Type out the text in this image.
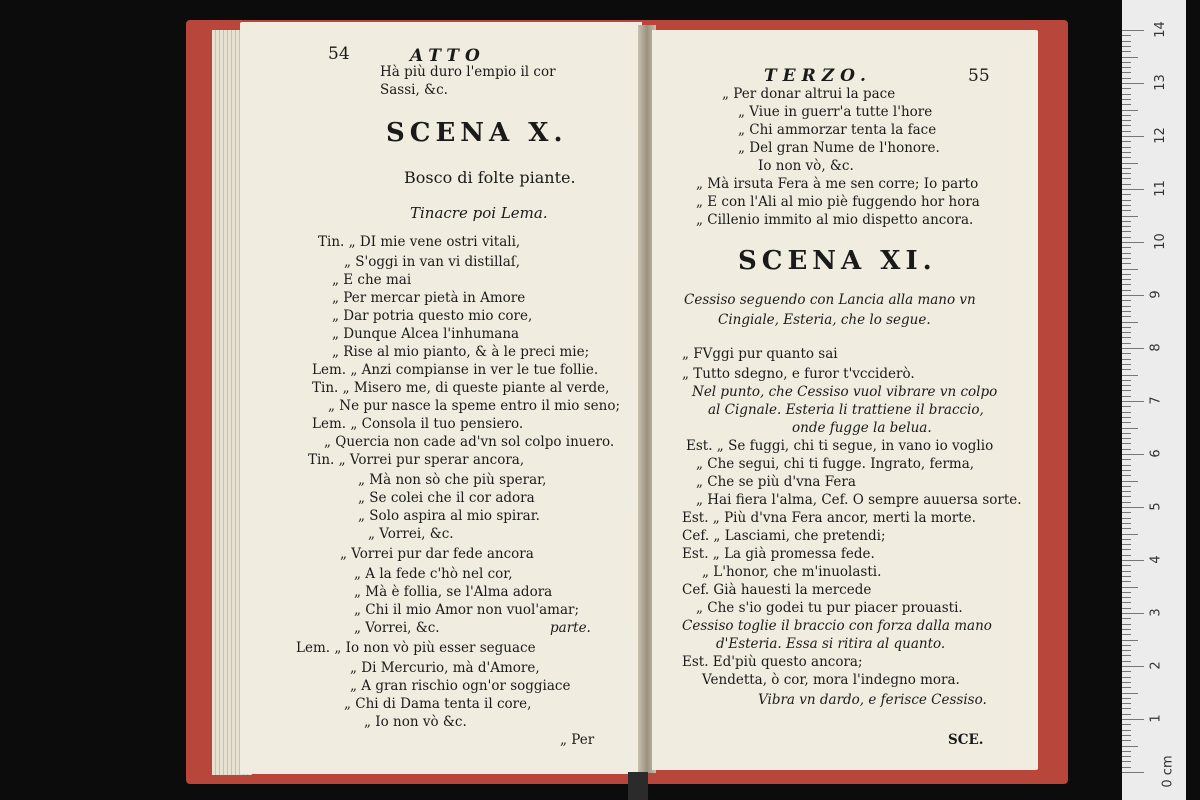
54	ATTO
Hà più duro l'empio il cor
Sassi, &c.
SCENA X.
Bosco di folte piante.
Tinacre poi Lema.
Tin. „ DI mie vene ostri vitali,
„ S'oggi in van vi distillaſ,
„ E che mai
„ Per mercar pietà in Amore
„ Dar potria questo mio core,
„ Dunque Alcea l'inhumana
„ Rise al mio pianto, & à le preci mie;
Lem. „ Anzi compianse in ver le tue follie.
Tin. „ Misero me, di queste piante al verde,
„ Ne pur nasce la speme entro il mio seno;
Lem. „ Consola il tuo pensiero.
„ Quercia non cade ad'vn sol colpo inuero.
Tin. „ Vorrei pur sperar ancora,
„ Mà non sò che più sperar,
„ Se colei che il cor adora
„ Solo aspira al mio spirar.
„ Vorrei, &c.
„ Vorrei pur dar fede ancora
„ A la fede c'hò nel cor,
„ Mà è follia, se l'Alma adora
„ Chi il mio Amor non vuol'amar;
„ Vorrei, &c.	parte.
Lem. „ Io non vò più esser seguace
„ Di Mercurio, mà d'Amore,
„ A gran rischio ogn'or soggiace
„ Chi di Dama tenta il core,
„ Io non vò &c.
„ Per
TERZO.	55
„ Per donar altrui la pace
„ Viue in guerr'a tutte l'hore
„ Chi ammorzar tenta la face
„ Del gran Nume de l'honore.
Io non vò, &c.
„ Mà irsuta Fera à me sen corre; Io parto
„ E con l'Ali al mio piè fuggendo hor hora
„ Cillenio immito al mio dispetto ancora.
SCENA XI.
Cessiso seguendo con Lancia alla mano vn
Cingiale, Esteria, che lo segue.
„ FVggi pur quanto sai
„ Tutto sdegno, e furor t'vcciderò.
Nel punto, che Cessiso vuol vibrare vn colpo
al Cignale. Esteria li trattiene il braccio,
onde fugge la belua.
Est. „ Se fuggi, chi ti segue, in vano io voglio
„ Che segui, chi ti fugge. Ingrato, ferma,
„ Che se più d'vna Fera
„ Hai fiera l'alma, Cef. O sempre auuersa sorte.
Est. „ Più d'vna Fera ancor, merti la morte.
Cef. „ Lasciami, che pretendi;
Est. „ La già promessa fede.
„ L'honor, che m'inuolasti.
Cef. Già hauesti la mercede
„ Che s'io godei tu pur piacer prouasti.
Cessiso toglie il braccio con forza dalla mano
d'Esteria. Essa si ritira al quanto.
Est. Ed'più questo ancora;
Vendetta, ò cor, mora l'indegno mora.
Vibra vn dardo, e ferisce Cessiso.
SCE.
14
13
12
11
10
9
8
7
6
5
4
3
2
1
0 cm
